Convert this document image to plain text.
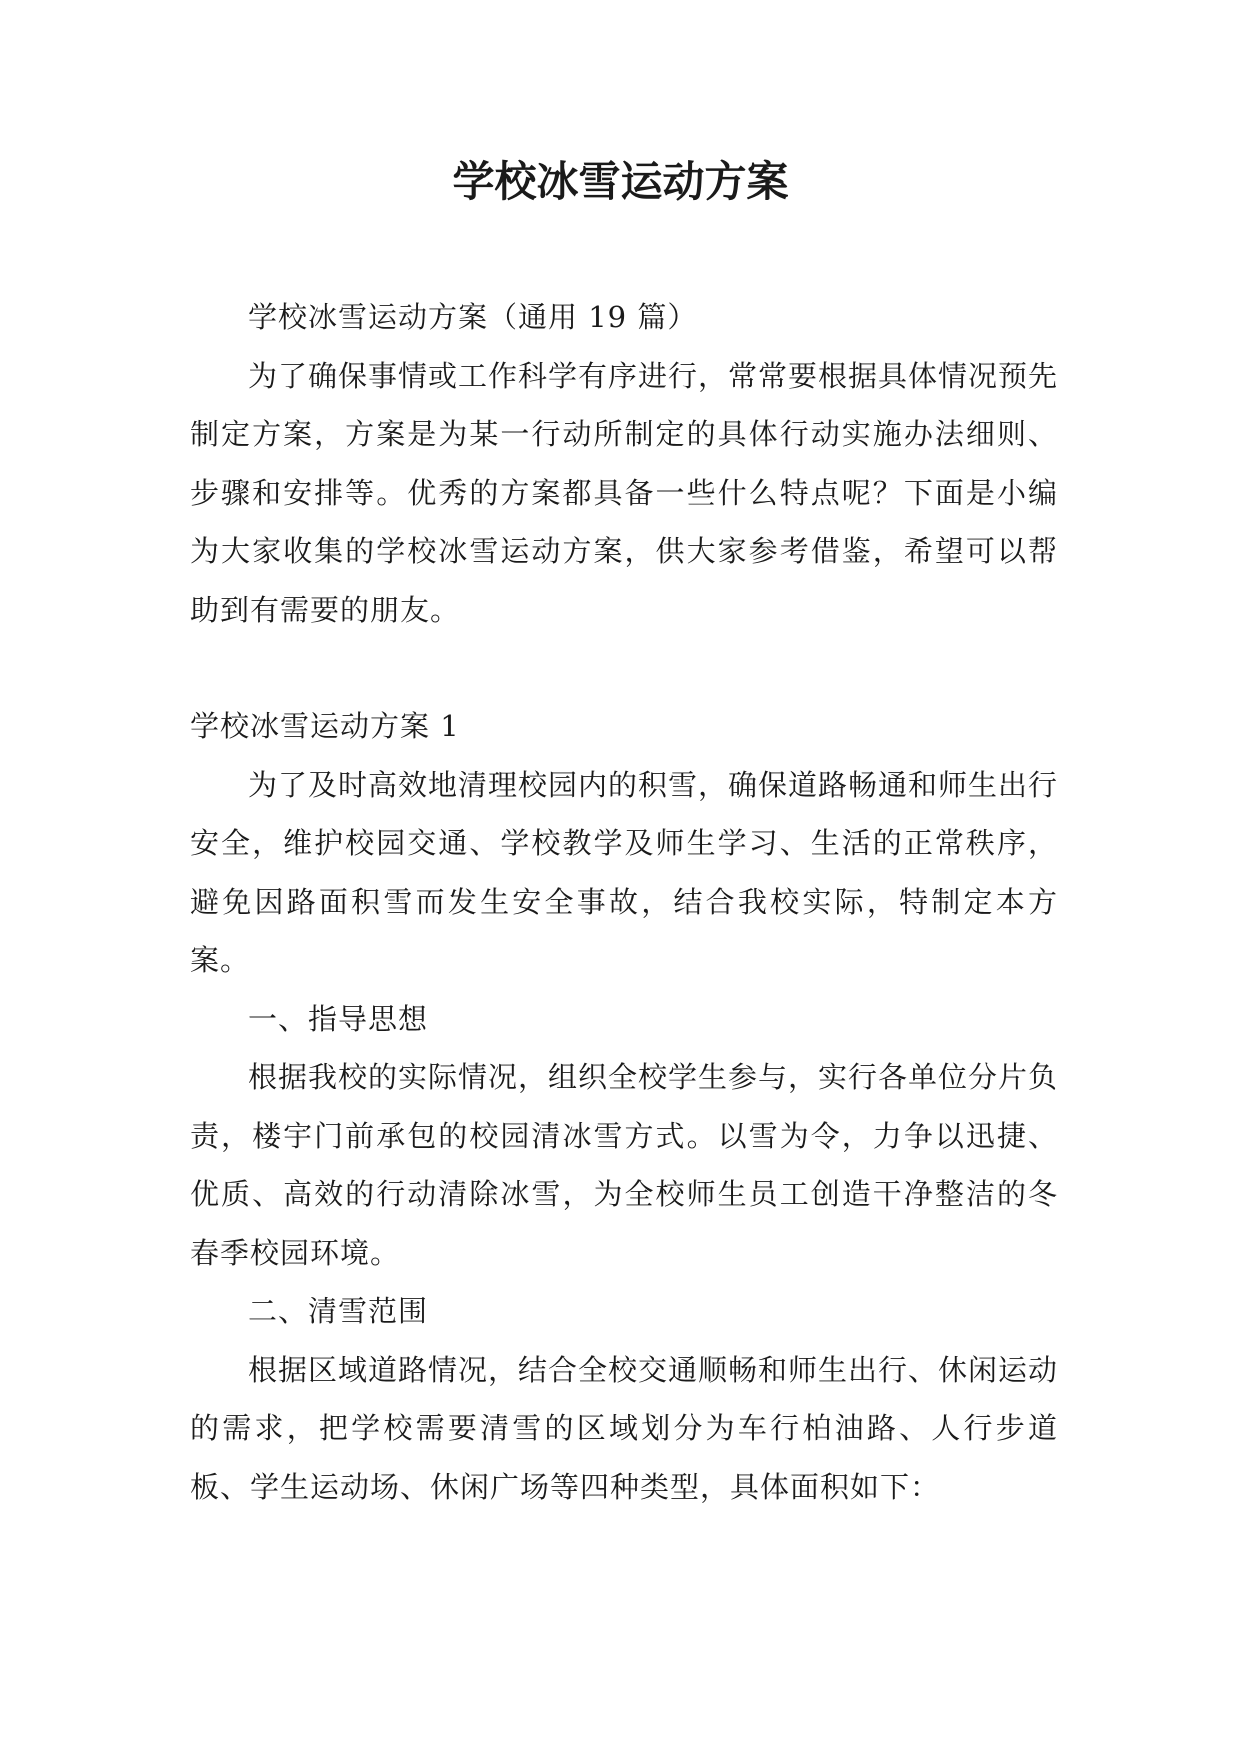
学校冰雪运动方案

学校冰雪运动方案（通用 19 篇）

为了确保事情或工作科学有序进行，常常要根据具体情况预先制定方案，方案是为某一行动所制定的具体行动实施办法细则、步骤和安排等。优秀的方案都具备一些什么特点呢？下面是小编为大家收集的学校冰雪运动方案，供大家参考借鉴，希望可以帮助到有需要的朋友。

学校冰雪运动方案 1

为了及时高效地清理校园内的积雪，确保道路畅通和师生出行安全，维护校园交通、学校教学及师生学习、生活的正常秩序，避免因路面积雪而发生安全事故，结合我校实际，特制定本方案。

一、指导思想

根据我校的实际情况，组织全校学生参与，实行各单位分片负责，楼宇门前承包的校园清冰雪方式。以雪为令，力争以迅捷、优质、高效的行动清除冰雪，为全校师生员工创造干净整洁的冬春季校园环境。

二、清雪范围

根据区域道路情况，结合全校交通顺畅和师生出行、休闲运动的需求，把学校需要清雪的区域划分为车行柏油路、人行步道板、学生运动场、休闲广场等四种类型，具体面积如下：
